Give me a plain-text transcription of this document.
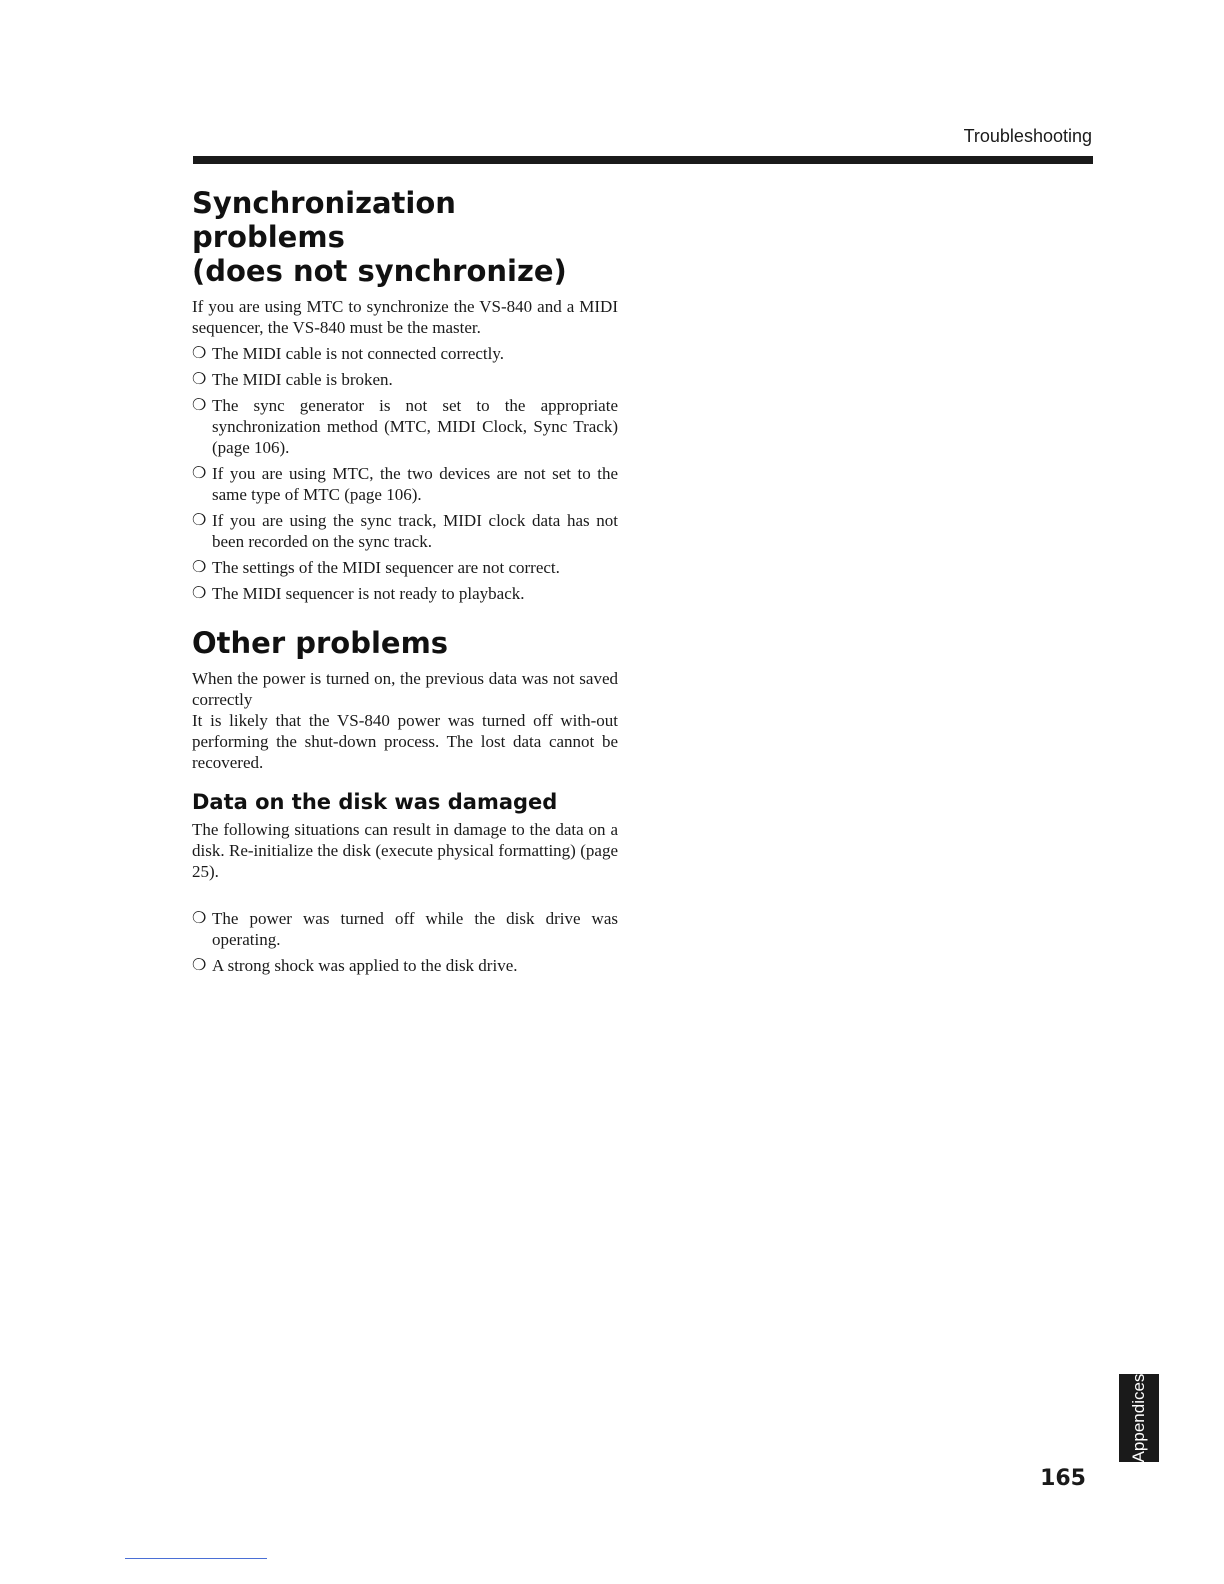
Troubleshooting
Synchronization problems
(does not synchronize)

If you are using MTC to synchronize the VS-840 and a MIDI sequencer, the VS-840 must be the master.

❍ The MIDI cable is not connected correctly.
❍ The MIDI cable is broken.
❍ The sync generator is not set to the appropriate synchronization method (MTC, MIDI Clock, Sync Track) (page 106).
❍ If you are using MTC, the two devices are not set to the same type of MTC (page 106).
❍ If you are using the sync track, MIDI clock data has not been recorded on the sync track.
❍ The settings of the MIDI sequencer are not correct.
❍ The MIDI sequencer is not ready to playback.
Other problems

When the power is turned on, the previous data was not saved correctly

It is likely that the VS-840 power was turned off with-out performing the shut-down process. The lost data cannot be recovered.

Data on the disk was damaged

The following situations can result in damage to the data on a disk. Re-initialize the disk (execute physical formatting) (page 25).

❍ The power was turned off while the disk drive was operating.
❍ A strong shock was applied to the disk drive.
Appendices
165
